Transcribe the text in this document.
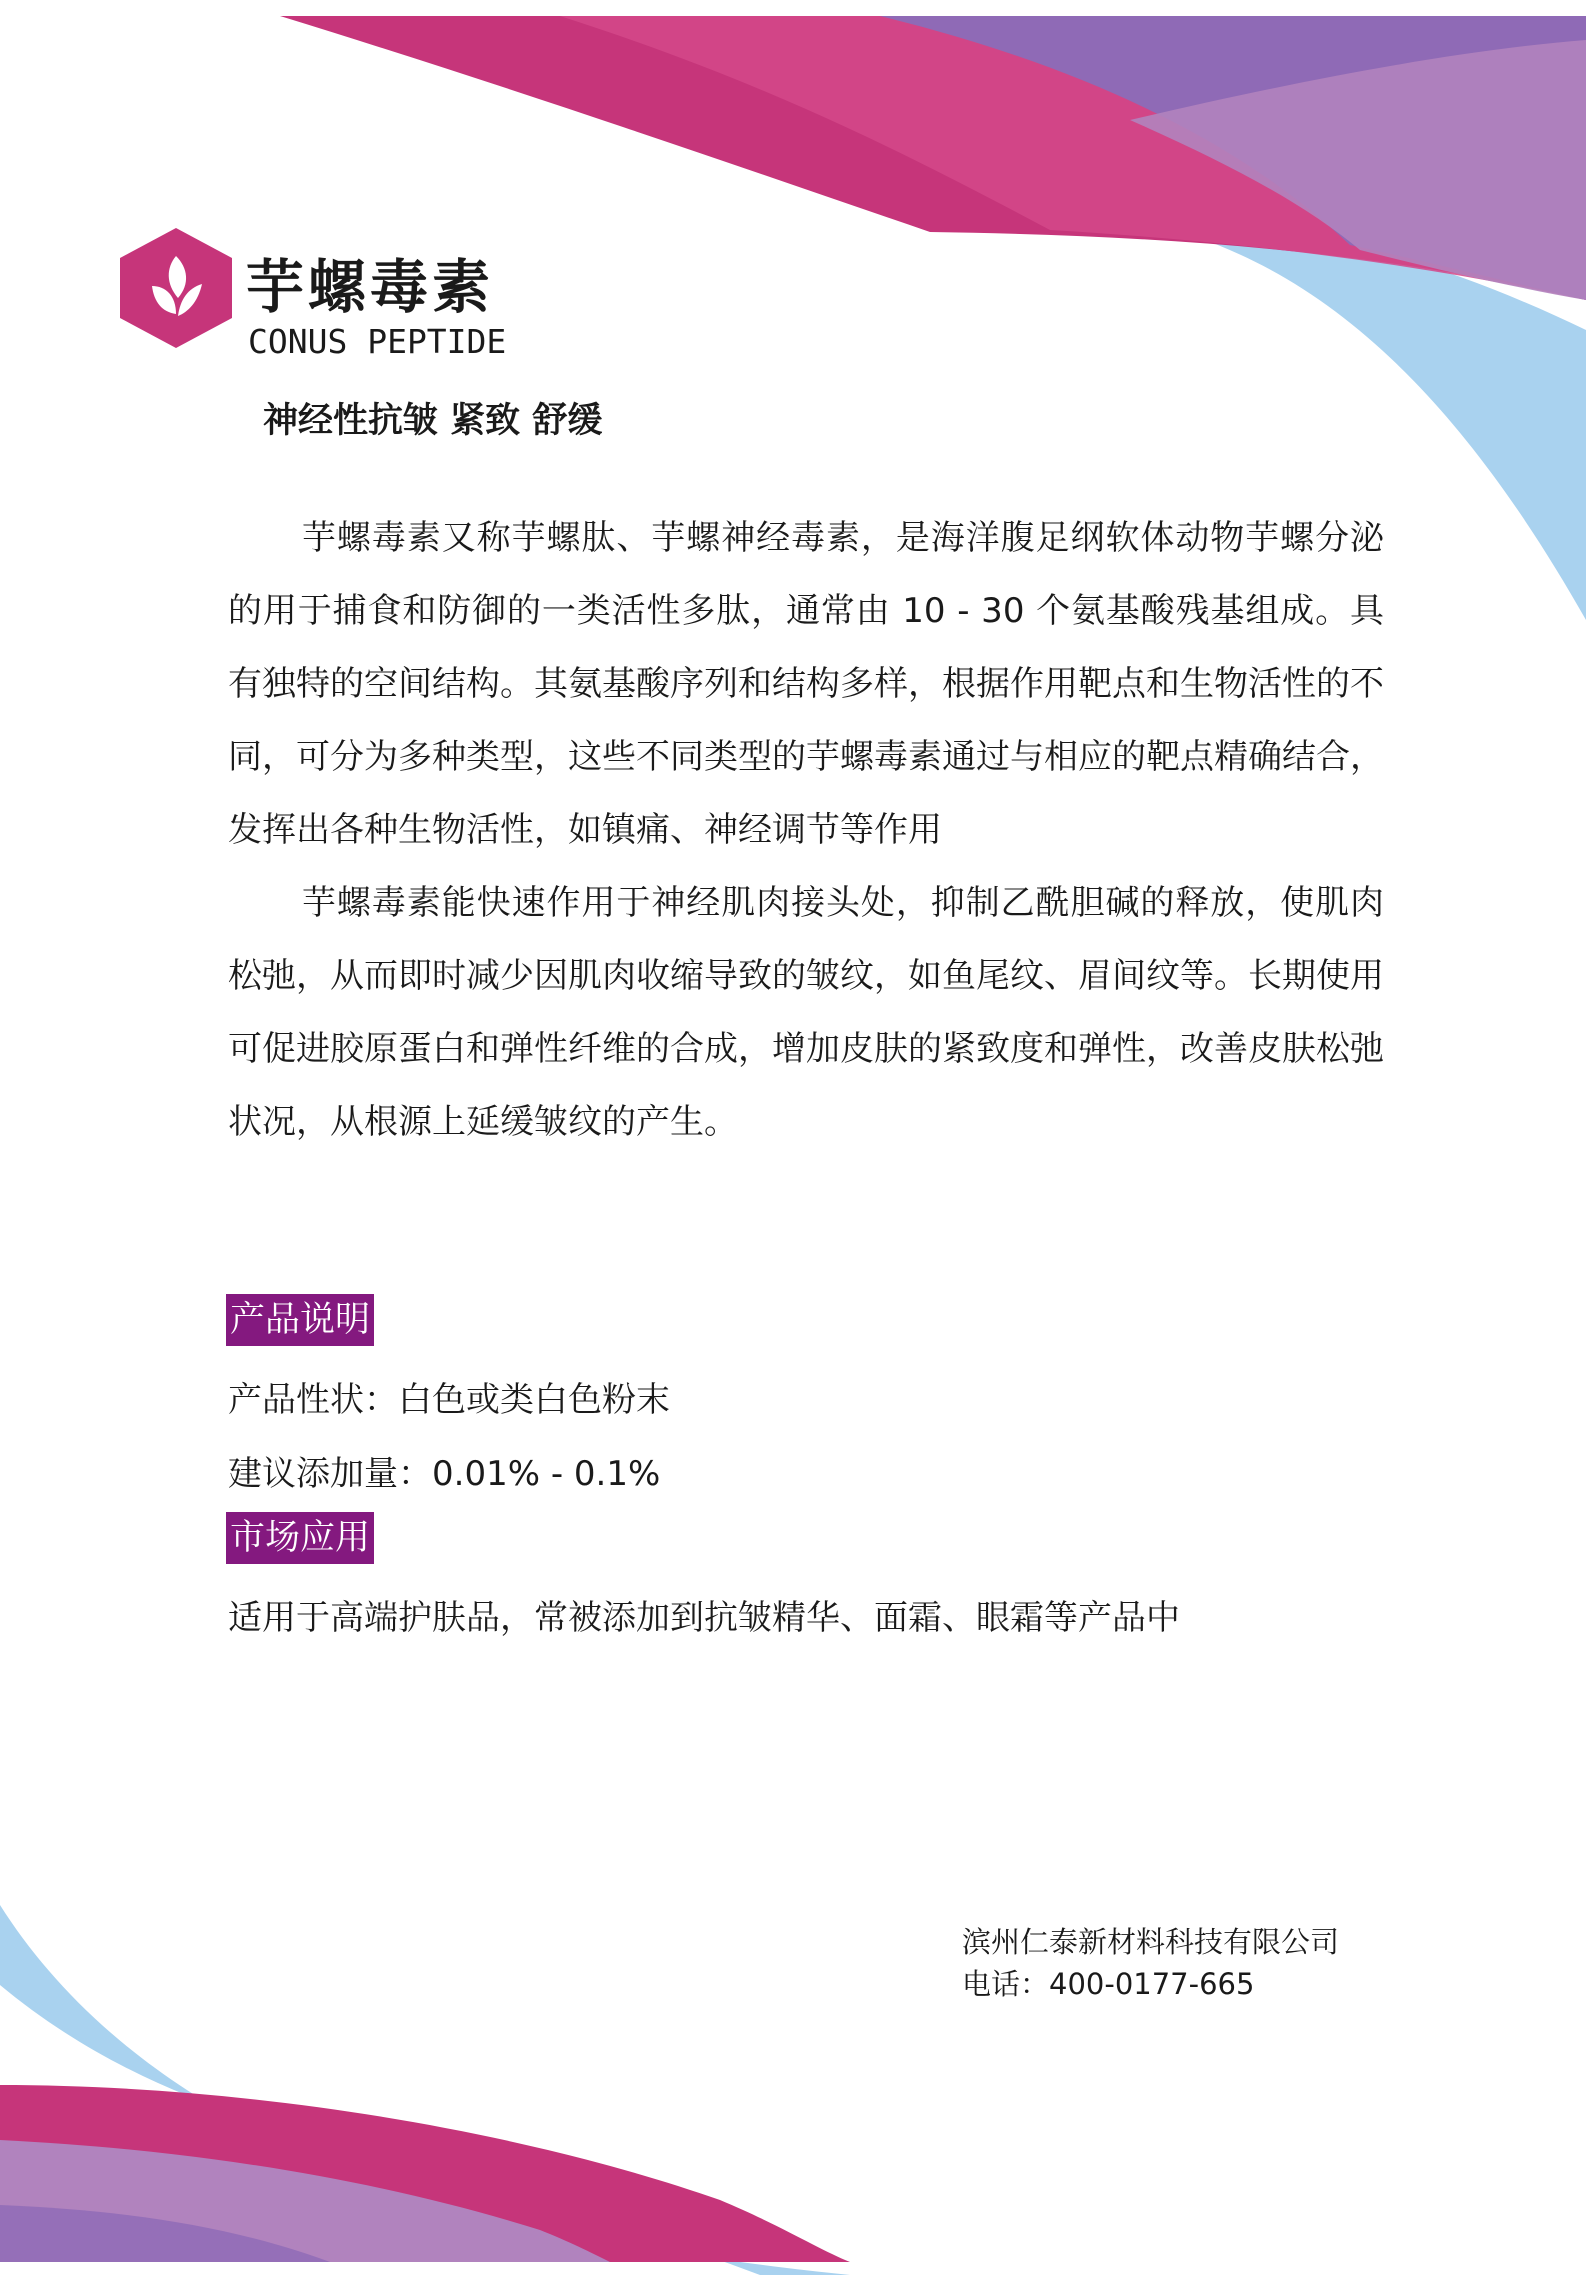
芋螺毒素
CONUS PEPTIDE
神经性抗皱 紧致 舒缓

芋螺毒素又称芋螺肽、芋螺神经毒素，是海洋腹足纲软体动物芋螺分泌的用于捕食和防御的一类活性多肽，通常由 10 - 30 个氨基酸残基组成。具有独特的空间结构。其氨基酸序列和结构多样，根据作用靶点和生物活性的不同，可分为多种类型，这些不同类型的芋螺毒素通过与相应的靶点精确结合，发挥出各种生物活性，如镇痛、神经调节等作用

芋螺毒素能快速作用于神经肌肉接头处，抑制乙酰胆碱的释放，使肌肉松弛，从而即时减少因肌肉收缩导致的皱纹，如鱼尾纹、眉间纹等。长期使用可促进胶原蛋白和弹性纤维的合成，增加皮肤的紧致度和弹性，改善皮肤松弛状况，从根源上延缓皱纹的产生。

产品说明
产品性状：白色或类白色粉末
建议添加量：0.01% - 0.1%
市场应用
适用于高端护肤品，常被添加到抗皱精华、面霜、眼霜等产品中
滨州仁泰新材料科技有限公司
电话：400-0177-665
